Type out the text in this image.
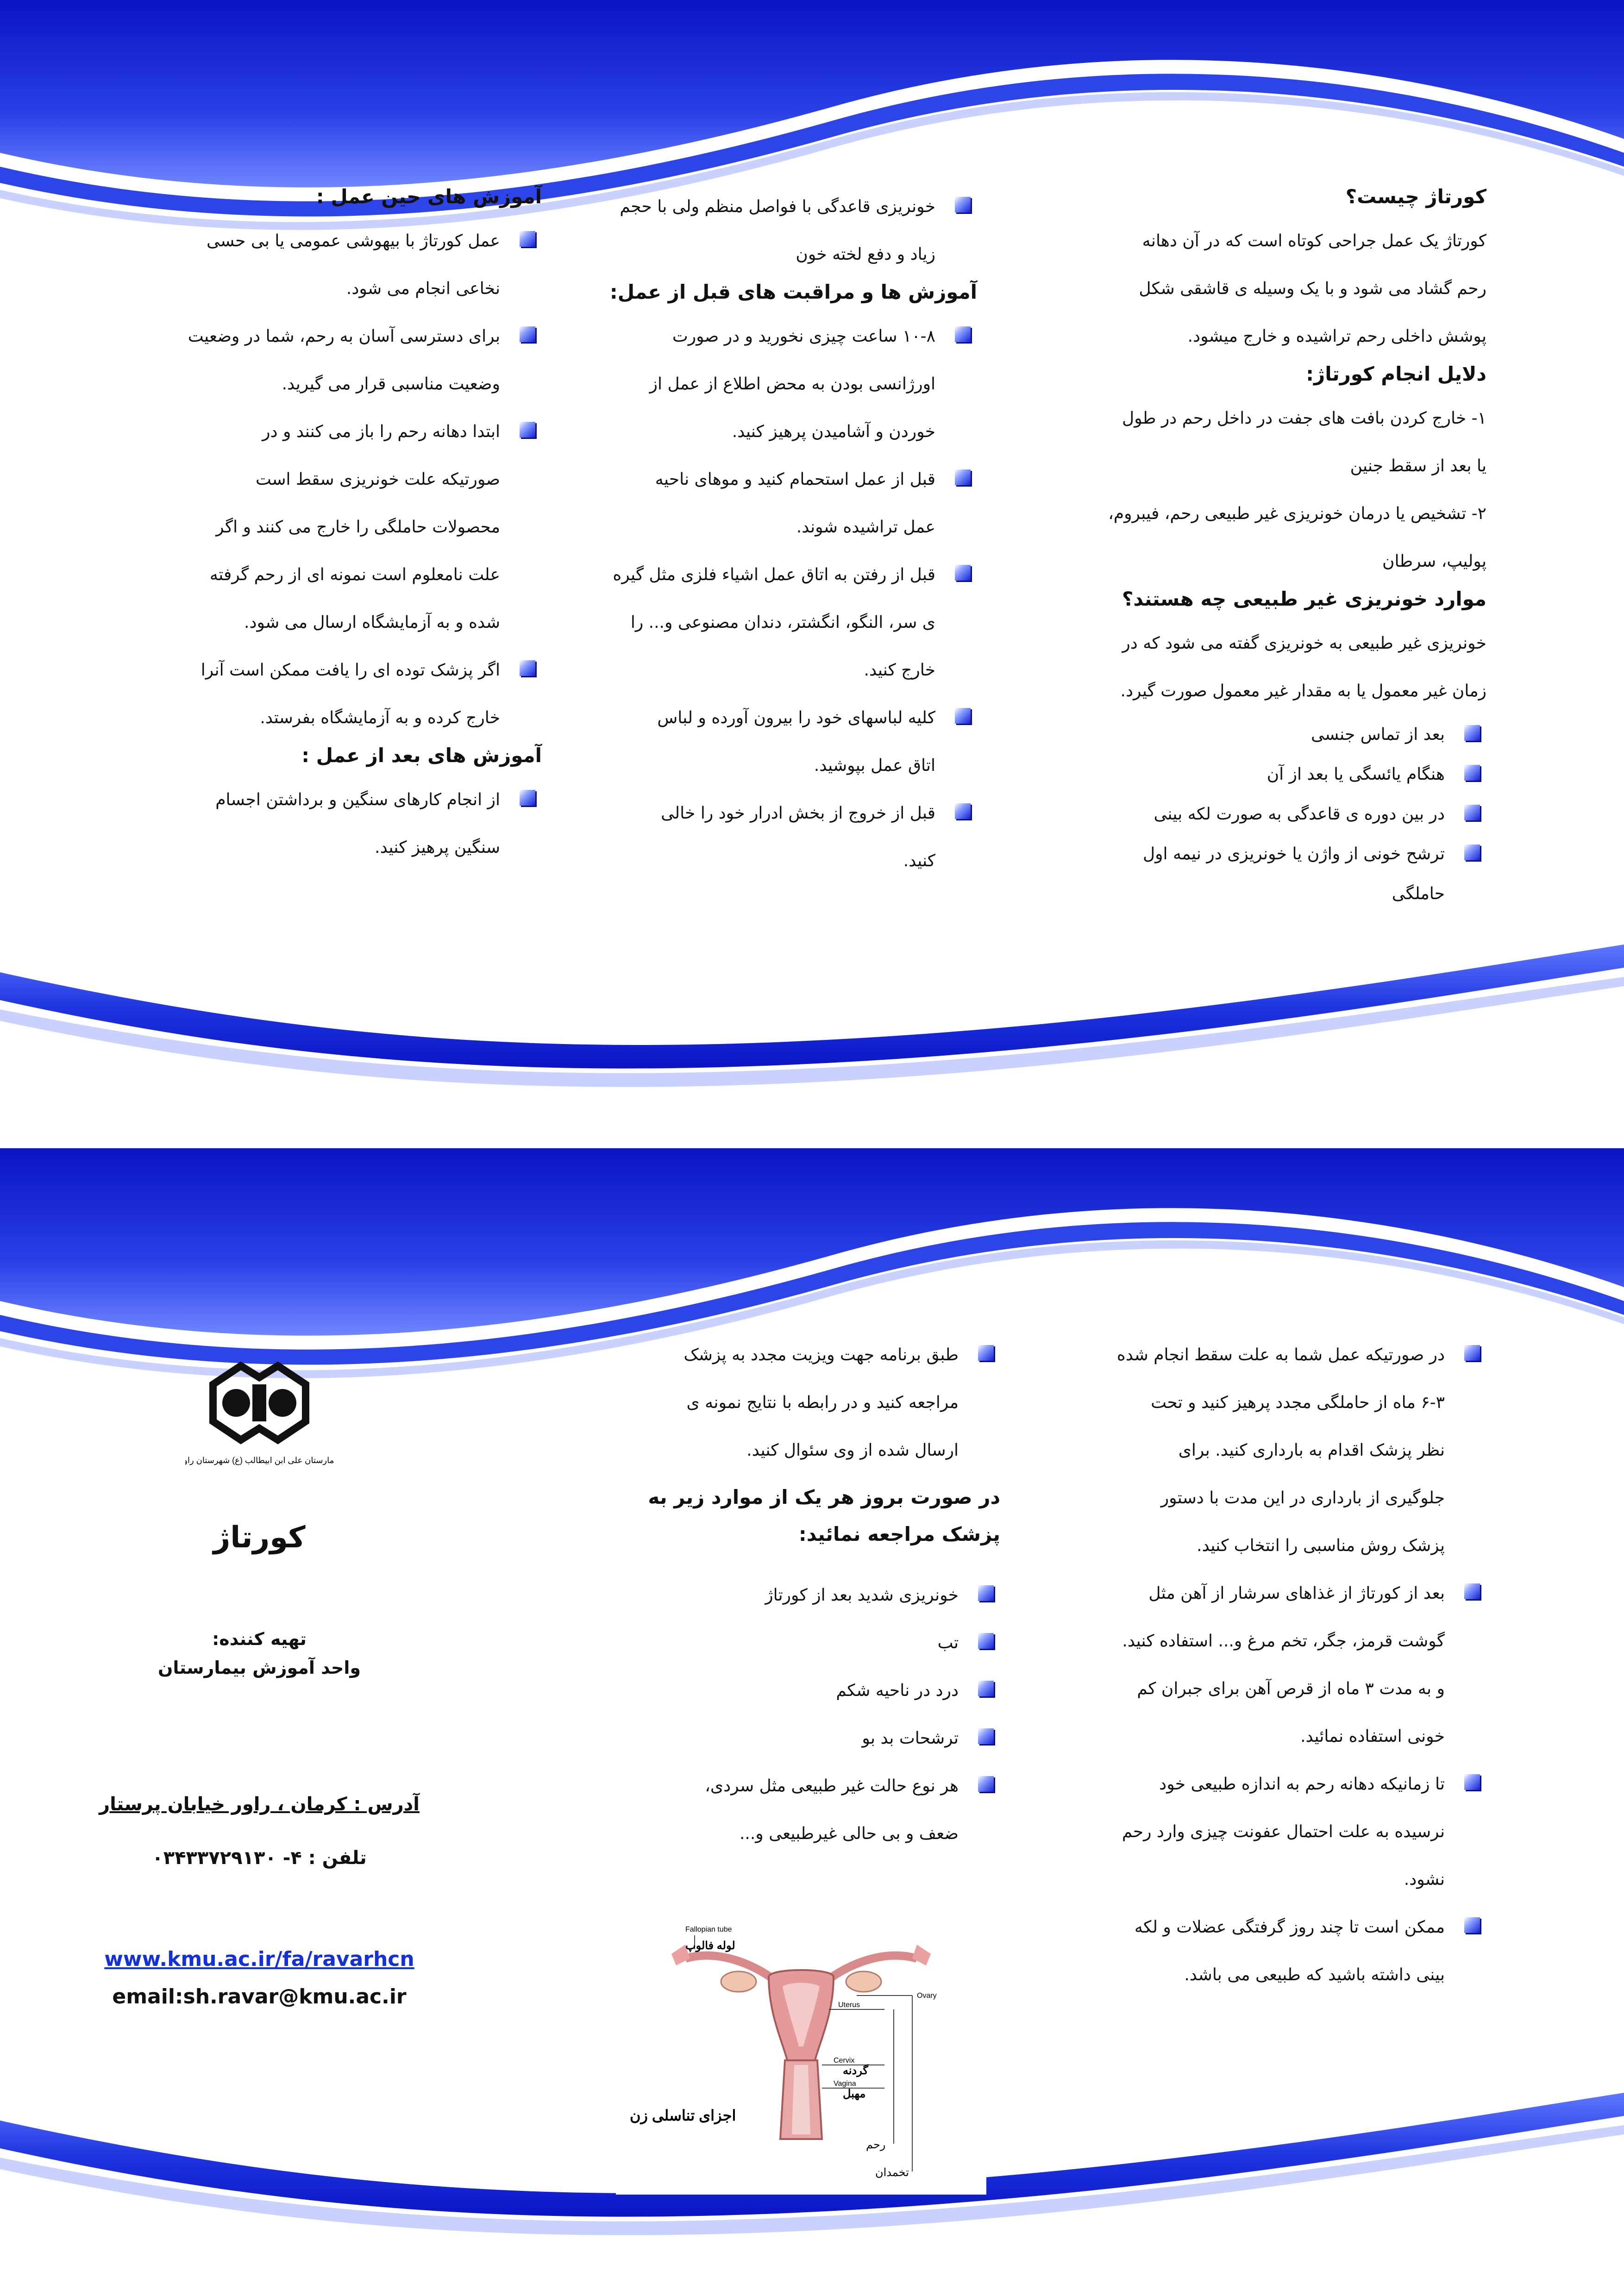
کورتاژ چیست؟

کورتاژ یک عمل جراحی کوتاه است که در آن دهانه

رحم گشاد می شود و با یک وسیله ی قاشقی شکل

پوشش داخلی رحم تراشیده و خارج میشود.

دلایل انجام کورتاژ:

۱- خارج کردن بافت های جفت در داخل رحم در طول

یا بعد از سقط جنین

۲- تشخیص یا درمان خونریزی غیر طبیعی رحم، فیبروم،

پولیپ، سرطان

موارد خونریزی غیر طبیعی چه هستند؟

خونریزی غیر طبیعی به خونریزی گفته می شود که در

زمان غیر معمول یا به مقدار غیر معمول صورت گیرد.

بعد از تماس جنسی
هنگام یائسگی یا بعد از آن
در بین دوره ی قاعدگی به صورت لکه بینی
ترشح خونی از واژن یا خونریزی در نیمه اول
حاملگی
خونریزی قاعدگی با فواصل منظم ولی با حجم
زیاد و دفع لخته خون
آموزش ها و مراقبت های قبل از عمل:
۱۰-۸ ساعت چیزی نخورید و در صورت
اورژانسی بودن به محض اطلاع از عمل از
خوردن و آشامیدن پرهیز کنید.
قبل از عمل استحمام کنید و موهای ناحیه
عمل تراشیده شوند.
قبل از رفتن به اتاق عمل اشیاء فلزی مثل گیره
ی سر، النگو، انگشتر، دندان مصنوعی و... را
خارج کنید.
کلیه لباسهای خود را بیرون آورده و لباس
اتاق عمل بپوشید.
قبل از خروج از بخش ادرار خود را خالی
کنید.
آموزش های حین عمل :
عمل کورتاژ با بیهوشی عمومی یا بی حسی
نخاعی انجام می شود.
برای دسترسی آسان به رحم، شما در وضعیت
وضعیت مناسبی قرار می گیرید.
ابتدا دهانه رحم را باز می کنند و در
صورتیکه علت خونریزی سقط است
محصولات حاملگی را خارج می کنند و اگر
علت نامعلوم است نمونه ای از رحم گرفته
شده و به آزمایشگاه ارسال می شود.
اگر پزشک توده ای را یافت ممکن است آنرا
خارج کرده و به آزمایشگاه بفرستد.
آموزش های بعد از عمل :
از انجام کارهای سنگین و برداشتن اجسام
سنگین پرهیز کنید.
در صورتیکه عمل شما به علت سقط انجام شده
۶-۳ ماه از حاملگی مجدد پرهیز کنید و تحت
نظر پزشک اقدام به بارداری کنید. برای
جلوگیری از بارداری در این مدت با دستور
پزشک روش مناسبی را انتخاب کنید.
بعد از کورتاژ از غذاهای سرشار از آهن مثل
گوشت قرمز، جگر، تخم مرغ و... استفاده کنید.
و به مدت ۳ ماه از قرص آهن برای جبران کم
خونی استفاده نمائید.
تا زمانیکه دهانه رحم به اندازه طبیعی خود
نرسیده به علت احتمال عفونت چیزی وارد رحم
نشود.
ممکن است تا چند روز گرفتگی عضلات و لکه
بینی داشته باشید که طبیعی می باشد.
طبق برنامه جهت ویزیت مجدد به پزشک
مراجعه کنید و در رابطه با نتایج نمونه ی
ارسال شده از وی سئوال کنید.
در صورت بروز هر یک از موارد زیر به پزشک مراجعه نمائید:
خونریزی شدید بعد از کورتاژ
تب
درد در ناحیه شکم
ترشحات بد بو
هر نوع حالت غیر طبیعی مثل سردی،
ضعف و بی حالی غیرطبیعی و...
Fallopian tube
لوله فالوپ
Ovary
Uterus
Cervix
گردنه
Vagina
مهبل
رحم
تخمدان
اجزای تناسلی زن
بیمارستان علی ابن ابیطالب (ع) شهرستان راور
کورتاژ
تهیه کننده:
واحد آموزش بیمارستان
آدرس : کرمان ، راور خیابان پرستار
تلفن : ۴- ۰۳۴۳۳۷۲۹۱۳۰
www.kmu.ac.ir/fa/ravarhcn
email:sh.ravar@kmu.ac.ir
